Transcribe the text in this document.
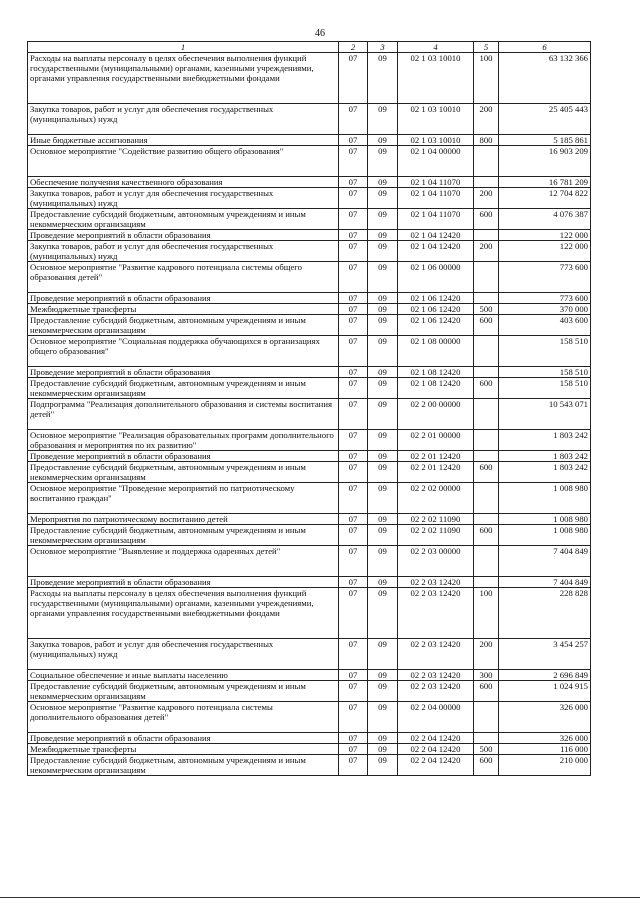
46
1	2	3	4	5	6
Расходы на выплаты персоналу в целях обеспечения выполнения функций государственными (муниципальными) органами, казенными учреждениями, органами управления государственными внебюджетными фондами	07	09	02 1 03 10010	100	63 132 366
Закупка товаров, работ и услуг для обеспечения государственных (муниципальных) нужд	07	09	02 1 03 10010	200	25 405 443
Иные бюджетные ассигнования	07	09	02 1 03 10010	800	5 185 861
Основное мероприятие "Содействие развитию общего образования"	07	09	02 1 04 00000		16 903 209
Обеспечение получения качественного образования	07	09	02 1 04 11070		16 781 209
Закупка товаров, работ и услуг для обеспечения государственных (муниципальных) нужд	07	09	02 1 04 11070	200	12 704 822
Предоставление субсидий бюджетным, автономным учреждениям и иным некоммерческим организациям	07	09	02 1 04 11070	600	4 076 387
Проведение мероприятий в области образования	07	09	02 1 04 12420		122 000
Закупка товаров, работ и услуг для обеспечения государственных (муниципальных) нужд	07	09	02 1 04 12420	200	122 000
Основное мероприятие "Развитие кадрового потенциала системы общего образования детей"	07	09	02 1 06 00000		773 600
Проведение мероприятий в области образования	07	09	02 1 06 12420		773 600
Межбюджетные трансферты	07	09	02 1 06 12420	500	370 000
Предоставление субсидий бюджетным, автономным учреждениям и иным некоммерческим организациям	07	09	02 1 06 12420	600	403 600
Основное мероприятие "Социальная поддержка обучающихся в организациях общего образования"	07	09	02 1 08 00000		158 510
Проведение мероприятий в области образования	07	09	02 1 08 12420		158 510
Предоставление субсидий бюджетным, автономным учреждениям и иным некоммерческим организациям	07	09	02 1 08 12420	600	158 510
Подпрограмма "Реализация дополнительного образования и системы воспитания детей"	07	09	02 2 00 00000		10 543 071
Основное мероприятие "Реализация образовательных программ дополнительного образования и мероприятия по их развитию"	07	09	02 2 01 00000		1 803 242
Проведение мероприятий в области образования	07	09	02 2 01 12420		1 803 242
Предоставление субсидий бюджетным, автономным учреждениям и иным некоммерческим организациям	07	09	02 2 01 12420	600	1 803 242
Основное мероприятие "Проведение мероприятий по патриотическому воспитанию граждан"	07	09	02 2 02 00000		1 008 980
Мероприятия по патриотическому воспитанию детей	07	09	02 2 02 11090		1 008 980
Предоставление субсидий бюджетным, автономным учреждениям и иным некоммерческим организациям	07	09	02 2 02 11090	600	1 008 980
Основное мероприятие "Выявление и поддержка одаренных детей"	07	09	02 2 03 00000		7 404 849
Проведение мероприятий в области образования	07	09	02 2 03 12420		7 404 849
Расходы на выплаты персоналу в целях обеспечения выполнения функций государственными (муниципальными) органами, казенными учреждениями, органами управления государственными внебюджетными фондами	07	09	02 2 03 12420	100	228 828
Закупка товаров, работ и услуг для обеспечения государственных (муниципальных) нужд	07	09	02 2 03 12420	200	3 454 257
Социальное обеспечение и иные выплаты населению	07	09	02 2 03 12420	300	2 696 849
Предоставление субсидий бюджетным, автономным учреждениям и иным некоммерческим организациям	07	09	02 2 03 12420	600	1 024 915
Основное мероприятие "Развитие кадрового потенциала системы дополнительного образования детей"	07	09	02 2 04 00000		326 000
Проведение мероприятий в области образования	07	09	02 2 04 12420		326 000
Межбюджетные трансферты	07	09	02 2 04 12420	500	116 000
Предоставление субсидий бюджетным, автономным учреждениям и иным некоммерческим организациям	07	09	02 2 04 12420	600	210 000
